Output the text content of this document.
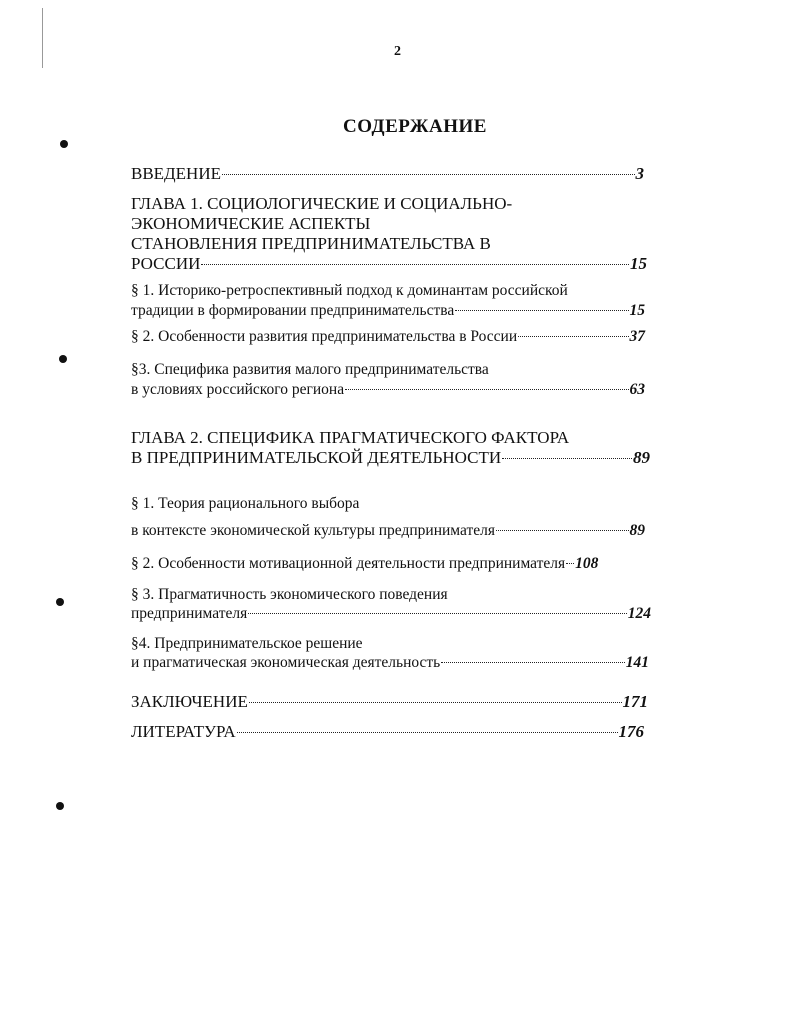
2
СОДЕРЖАНИЕ
ВВЕДЕНИЕ	3
ГЛАВА 1. СОЦИОЛОГИЧЕСКИЕ И СОЦИАЛЬНО-
ЭКОНОМИЧЕСКИЕ АСПЕКТЫ
СТАНОВЛЕНИЯ ПРЕДПРИНИМАТЕЛЬСТВА В
РОССИИ	15
§ 1. Историко-ретроспективный подход к доминантам российской
традиции в формировании предпринимательства	15
§ 2. Особенности развития предпринимательства в России	37
§3. Специфика развития малого предпринимательства
в условиях российского региона	63
ГЛАВА 2. СПЕЦИФИКА ПРАГМАТИЧЕСКОГО ФАКТОРА
В ПРЕДПРИНИМАТЕЛЬСКОЙ ДЕЯТЕЛЬНОСТИ	89
§ 1. Теория рационального выбора
в контексте экономической культуры предпринимателя	89
§ 2. Особенности мотивационной деятельности предпринимателя 108
§ 3. Прагматичность экономического поведения
предпринимателя	124
§4. Предпринимательское решение
и прагматическая экономическая деятельность	141
ЗАКЛЮЧЕНИЕ	171
ЛИТЕРАТУРА	176
